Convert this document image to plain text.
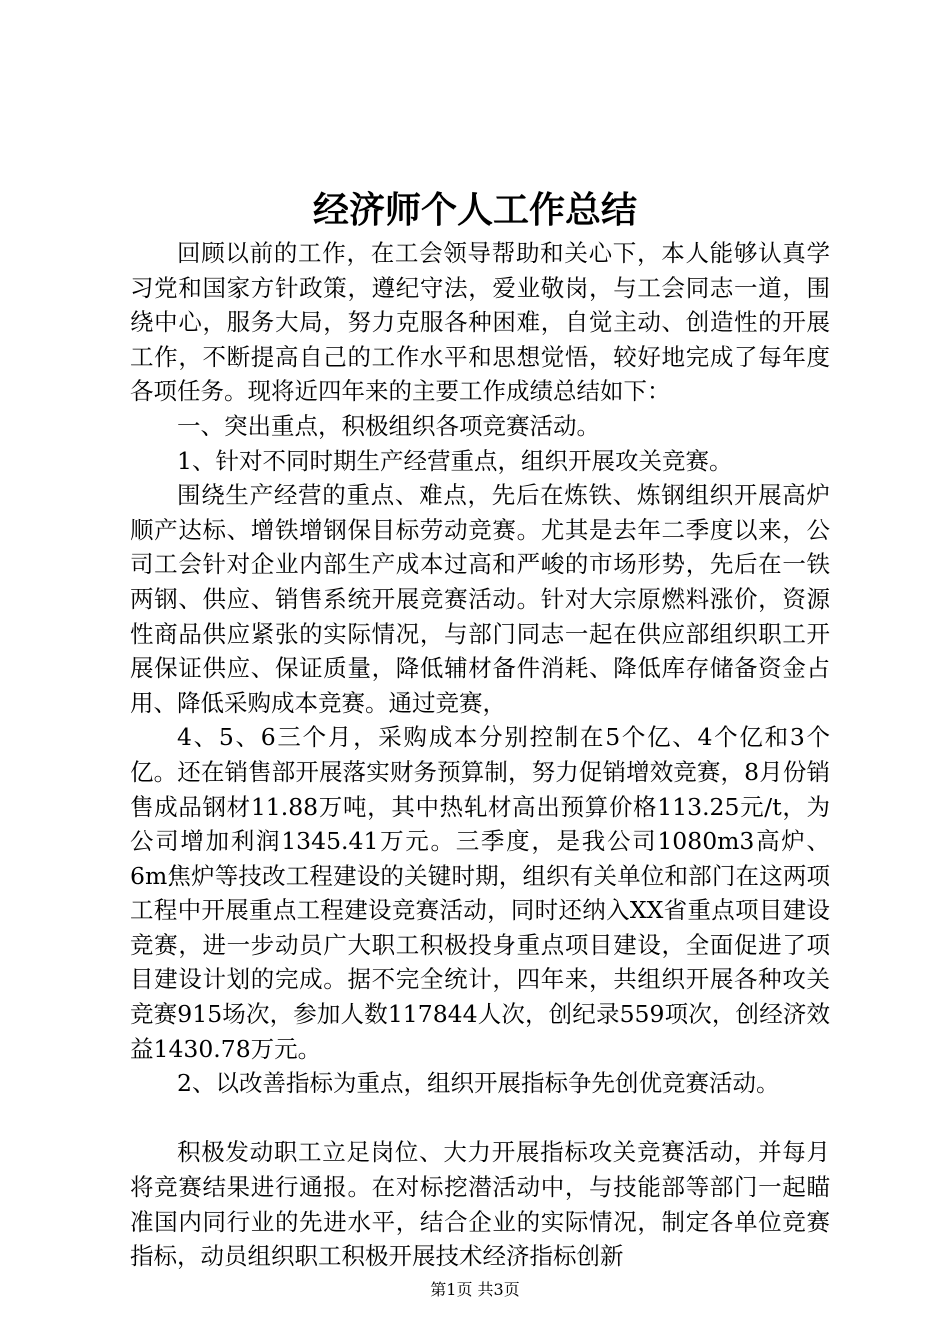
经济师个人工作总结

回顾以前的工作，在工会领导帮助和关心下，本人能够认真学习党和国家方针政策，遵纪守法，爱业敬岗，与工会同志一道，围绕中心，服务大局，努力克服各种困难，自觉主动、创造性的开展工作，不断提高自己的工作水平和思想觉悟，较好地完成了每年度各项任务。现将近四年来的主要工作成绩总结如下：

一、突出重点，积极组织各项竞赛活动。

1、针对不同时期生产经营重点，组织开展攻关竞赛。

围绕生产经营的重点、难点，先后在炼铁、炼钢组织开展高炉顺产达标、增铁增钢保目标劳动竞赛。尤其是去年二季度以来，公司工会针对企业内部生产成本过高和严峻的市场形势，先后在一铁两钢、供应、销售系统开展竞赛活动。针对大宗原燃料涨价，资源性商品供应紧张的实际情况，与部门同志一起在供应部组织职工开展保证供应、保证质量，降低辅材备件消耗、降低库存储备资金占用、降低采购成本竞赛。通过竞赛，

4、5、6三个月，采购成本分别控制在5个亿、4个亿和3个亿。还在销售部开展落实财务预算制，努力促销增效竞赛，8月份销售成品钢材11.88万吨，其中热轧材高出预算价格113.25元/t，为公司增加利润1345.41万元。三季度，是我公司1080m3高炉、6m焦炉等技改工程建设的关键时期，组织有关单位和部门在这两项工程中开展重点工程建设竞赛活动，同时还纳入XX省重点项目建设竞赛，进一步动员广大职工积极投身重点项目建设，全面促进了项目建设计划的完成。据不完全统计，四年来，共组织开展各种攻关竞赛915场次，参加人数117844人次，创纪录559项次，创经济效益1430.78万元。

2、以改善指标为重点，组织开展指标争先创优竞赛活动。

积极发动职工立足岗位、大力开展指标攻关竞赛活动，并每月将竞赛结果进行通报。在对标挖潜活动中，与技能部等部门一起瞄准国内同行业的先进水平，结合企业的实际情况，制定各单位竞赛指标，动员组织职工积极开展技术经济指标创新

第1页 共3页
